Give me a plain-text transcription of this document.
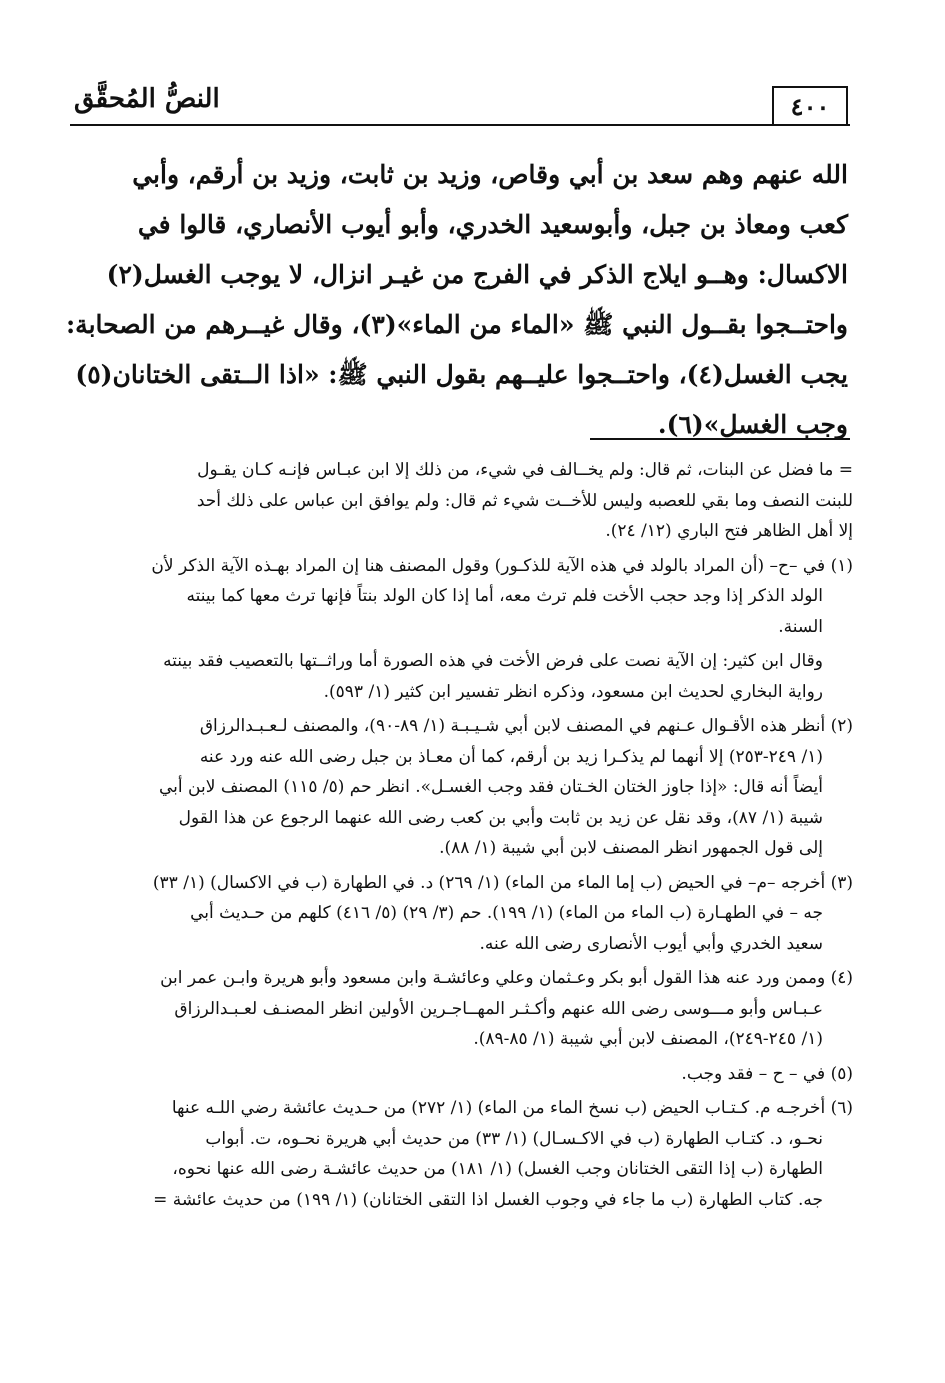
٤٠٠
النصُّ المُحقَّق
الله عنهم وهم سعد بن أبي وقاص، وزيد بن ثابت، وزيد بن أرقم، وأبي
كعب ومعاذ بن جبل، وأبوسعيد الخدري، وأبو أيوب الأنصاري، قالوا في
الاكسال: وهــو ايلاج الذكر في الفرج من غيـر انزال، لا يوجب الغسل(٢)
واحتــجوا بقــول النبي ﷺ «الماء من الماء»(٣)، وقال غيــرهم من الصحابة:
يجب الغسل(٤)، واحتــجوا عليــهم بقول النبي ﷺ: «اذا الــتقى الختانان(٥)
وجب الغسل»(٦).
= ما فضل عن البنات، ثم قال: ولم يخــالف في شيء، من ذلك إلا ابن عبـاس فإنـه كـان يقـول
للبنت النصف وما بقي للعصبه وليس للأخــت شيء ثم قال: ولم يوافق ابن عباس على ذلك أحد
إلا أهل الظاهر فتح الباري (١٢/ ٢٤).
(١) في –ح– (أن المراد بالولد في هذه الآية للذكـور) وقول المصنف هنا إن المراد بهـذه الآية الذكر لأن
الولد الذكر إذا وجد حجب الأخت فلم ترث معه، أما إذا كان الولد بنتاً فإنها ترث معها كما بينته
السنة.
وقال ابن كثير: إن الآية نصت على فرض الأخت في هذه الصورة أما وراثــتها بالتعصيب فقد بينته
رواية البخاري لحديث ابن مسعود، وذكره انظر تفسير ابن كثير (١/ ٥٩٣).
(٢) أنظر هذه الأقـوال عـنهم في المصنف لابن أبي شـيـبـة (١/ ٨٩-٩٠)، والمصنف لـعـبـدالرزاق
(١/ ٢٤٩-٢٥٣) إلا أنهما لم يذكـرا زيد بن أرقم، كما أن معـاذ بن جبل رضى الله عنه ورد عنه
أيضاً أنه قال: «إذا جاوز الختان الخـتان فقد وجب الغسـل». انظر حم (٥/ ١١٥) المصنف لابن أبي
شيبة (١/ ٨٧)، وقد نقل عن زيد بن ثابت وأبي بن كعب رضى الله عنهما الرجوع عن هذا القول
إلى قول الجمهور انظر المصنف لابن أبي شيبة (١/ ٨٨).
(٣) أخرجه –م– في الحيض (ب إما الماء من الماء) (١/ ٢٦٩) د. في الطهارة (ب في الاكسال) (١/ ٣٣)
جه – في الطهـارة (ب الماء من الماء) (١/ ١٩٩). حم (٣/ ٢٩) (٥/ ٤١٦) كلهم من حـديث أبي
سعيد الخدري وأبي أيوب الأنصارى رضى الله عنه.
(٤) وممن ورد عنه هذا القول أبو بكر وعـثمان وعلي وعائشـة وابن مسعود وأبو هريرة وابـن عمر ابن
عـبـاس وأبو مـــوسى رضى الله عنهم وأكـثـر المهــاجـرين الأولين انظر المصنـف لعـبـدالرزاق
(١/ ٢٤٥-٢٤٩)، المصنف لابن أبي شيبة (١/ ٨٥-٨٩).
(٥) في – ح – فقد وجب.
(٦) أخرجـه م. كـتـاب الحيض (ب نسخ الماء من الماء) (١/ ٢٧٢) من حـديث عائشة رضي اللـه عنها
نحـو، د. كتـاب الطهارة (ب في الاكـسـال) (١/ ٣٣) من حديث أبي هريرة نحـوه، ت. أبواب
الطهارة (ب إذا التقى الختانان وجب الغسل) (١/ ١٨١) من حديث عائشـة رضى الله عنها نحوه،
جه. كتاب الطهارة (ب ما جاء في وجوب الغسل اذا التقى الختانان) (١/ ١٩٩) من حديث عائشة =
